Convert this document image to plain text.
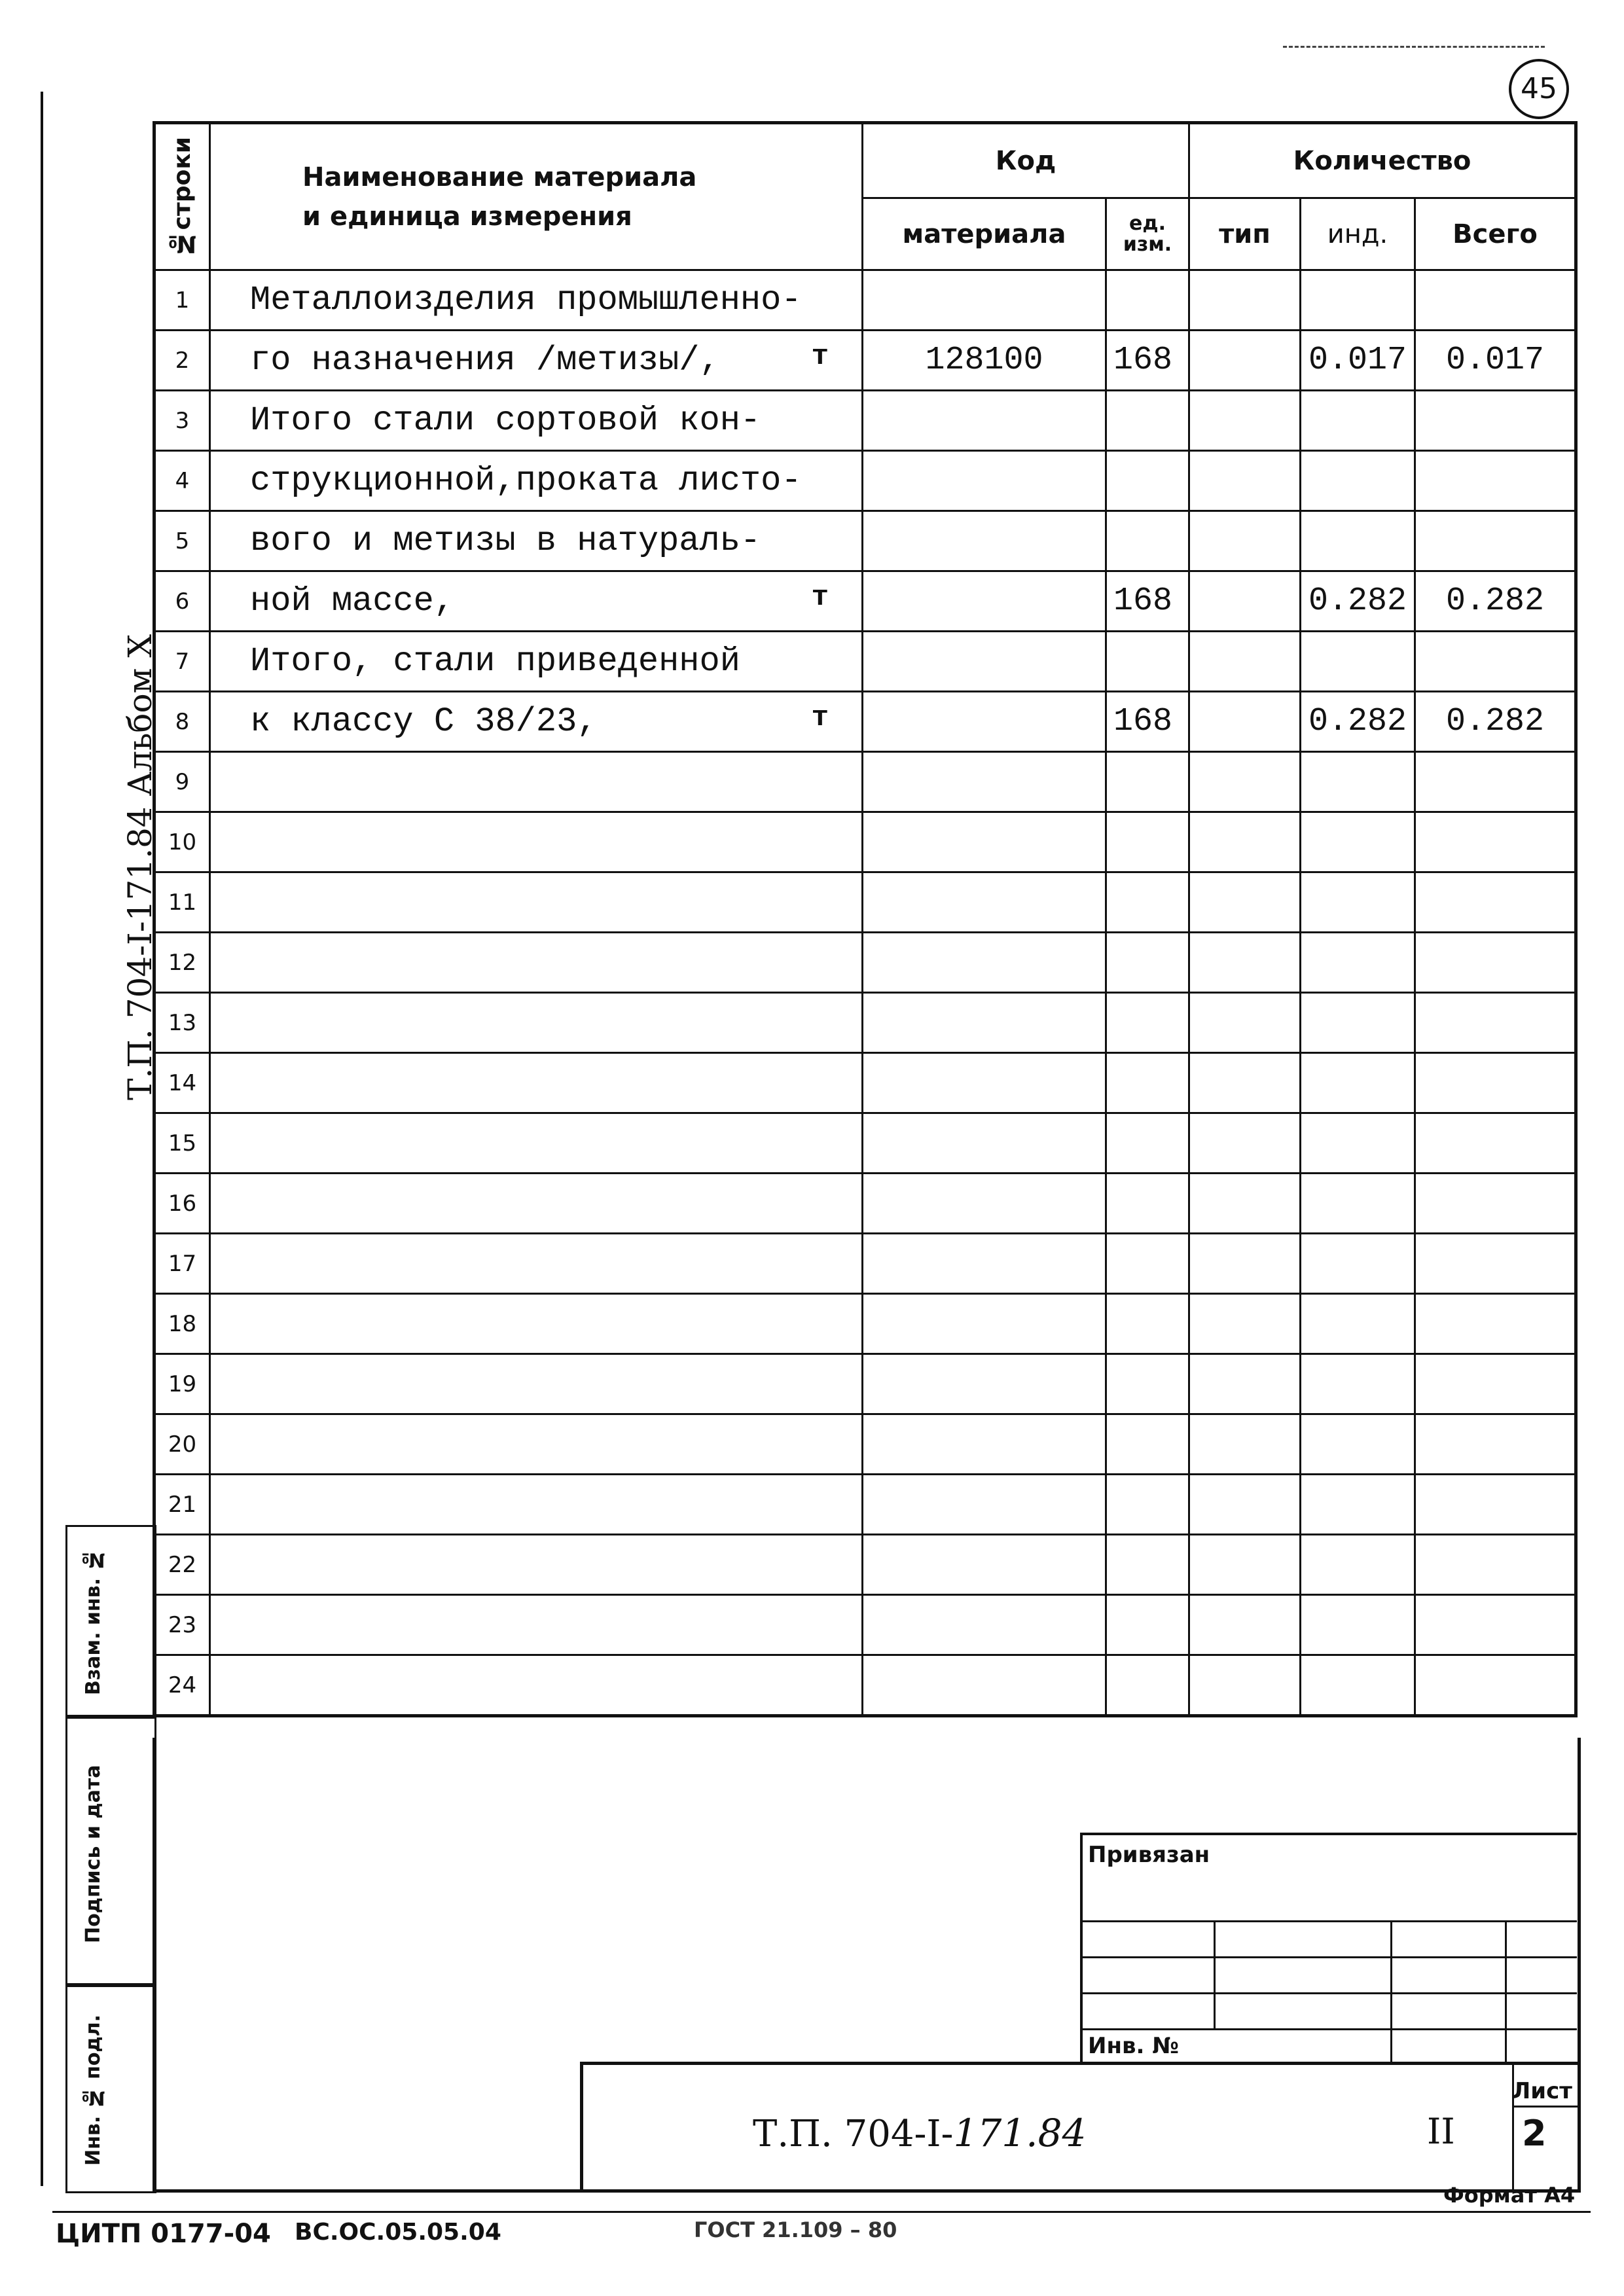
45
Т.П. 704-I-171.84 Альбом X
№строки	Наименование материала
и единица измерения	Код		Количество		
		материала	ед. изм.	тип	инд.	Всего
1	Металлоизделия промышленно-

2	го назначения /метизы/, т	128100	168		0.017	0.017
3	Итого стали сортовой кон-

4	струкционной,проката листо-

5	вого и метизы в натураль-

6	ной массе, т		168		0.282	0.282
7	Итого, стали приведенной

8	к классу С 38/23, т		168		0.282	0.282
9	

10	

11	

12	

13	

14	

15	

16	

17	

18	

19	

20	

21	

22	

23	

24	

Взам. инв. №
Подпись и дата
Инв. № подл.
Привязан
Инв. №
Т.П. 704-I-171.84	II
Лист
2
ЦИТП 0177-04 ВС.ОС.05.05.04	ГОСТ 21.109 – 80
Формат А4
